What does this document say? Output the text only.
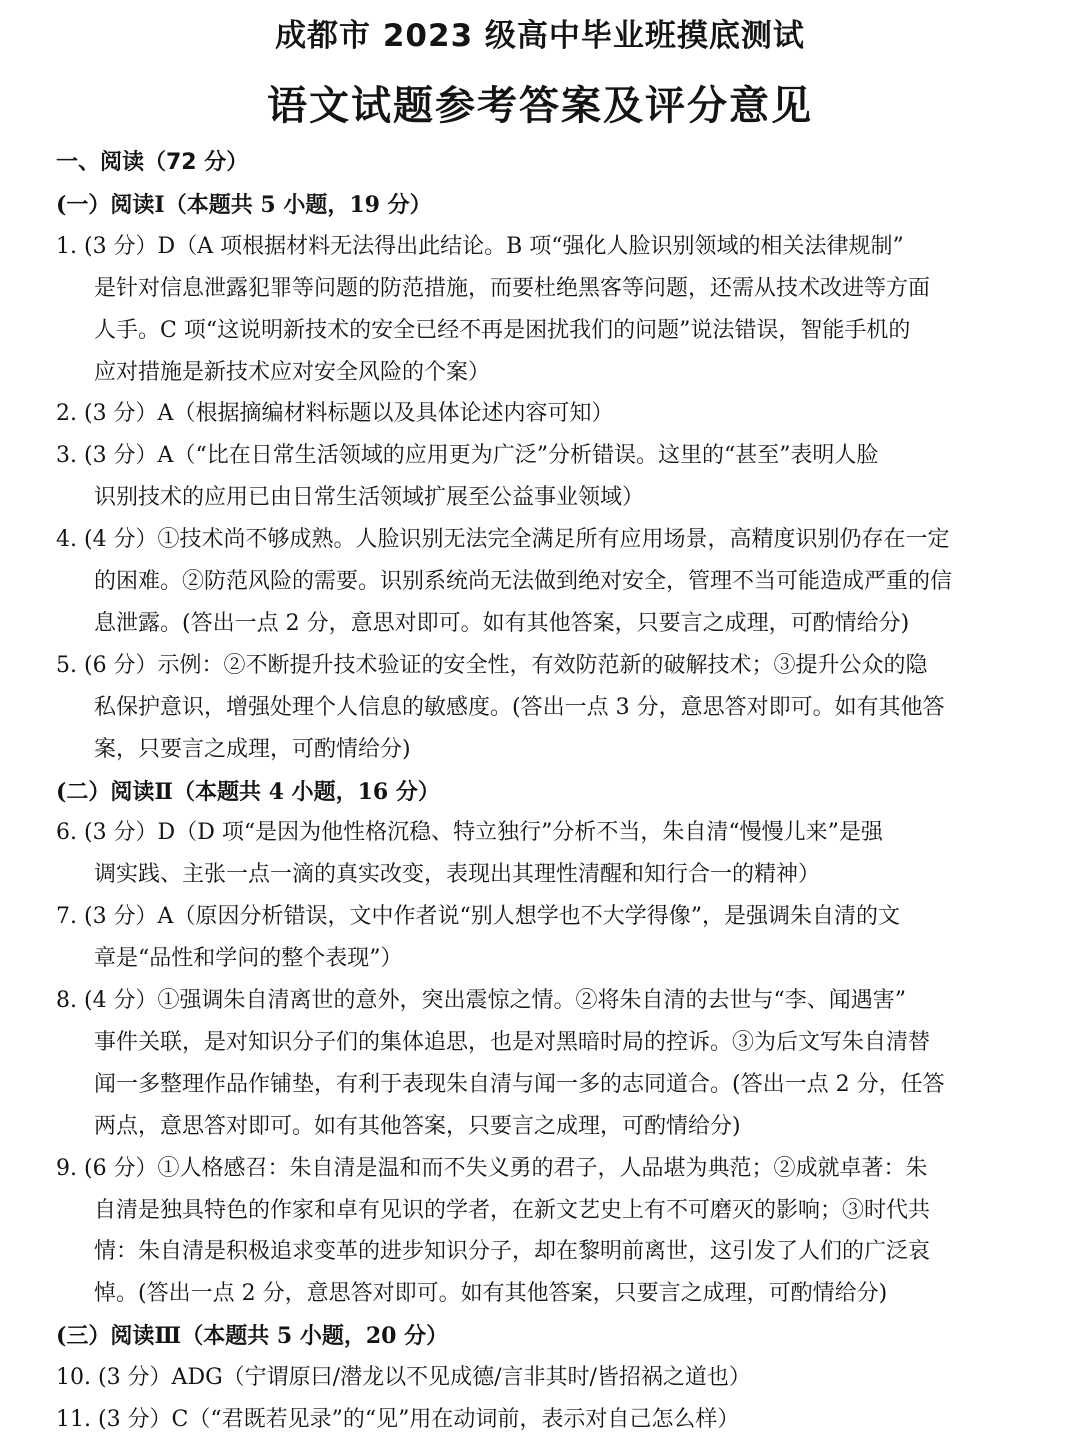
成都市 2023 级高中毕业班摸底测试
语文试题参考答案及评分意见
一、阅读（72 分）
(一）阅读Ⅰ（本题共 5 小题，19 分）
1. (3 分）D（A 项根据材料无法得出此结论。B 项“强化人脸识别领域的相关法律规制”
是针对信息泄露犯罪等问题的防范措施，而要杜绝黑客等问题，还需从技术改进等方面
人手。C 项“这说明新技术的安全已经不再是困扰我们的问题”说法错误，智能手机的
应对措施是新技术应对安全风险的个案）
2. (3 分）A（根据摘编材料标题以及具体论述内容可知）
3. (3 分）A（“比在日常生活领域的应用更为广泛”分析错误。这里的“甚至”表明人脸
识别技术的应用已由日常生活领域扩展至公益事业领域）
4. (4 分）①技术尚不够成熟。人脸识别无法完全满足所有应用场景，高精度识别仍存在一定
的困难。②防范风险的需要。识别系统尚无法做到绝对安全，管理不当可能造成严重的信
息泄露。(答出一点 2 分，意思对即可。如有其他答案，只要言之成理，可酌情给分)
5. (6 分）示例：②不断提升技术验证的安全性，有效防范新的破解技术；③提升公众的隐
私保护意识，增强处理个人信息的敏感度。(答出一点 3 分，意思答对即可。如有其他答
案，只要言之成理，可酌情给分)
(二）阅读Ⅱ（本题共 4 小题，16 分）
6. (3 分）D（D 项“是因为他性格沉稳、特立独行”分析不当，朱自清“慢慢儿来”是强
调实践、主张一点一滴的真实改变，表现出其理性清醒和知行合一的精神）
7. (3 分）A（原因分析错误，文中作者说“别人想学也不大学得像”，是强调朱自清的文
章是“品性和学问的整个表现”）
8. (4 分）①强调朱自清离世的意外，突出震惊之情。②将朱自清的去世与“李、闻遇害”
事件关联，是对知识分子们的集体追思，也是对黑暗时局的控诉。③为后文写朱自清替
闻一多整理作品作铺垫，有利于表现朱自清与闻一多的志同道合。(答出一点 2 分，任答
两点，意思答对即可。如有其他答案，只要言之成理，可酌情给分)
9. (6 分）①人格感召：朱自清是温和而不失义勇的君子，人品堪为典范；②成就卓著：朱
自清是独具特色的作家和卓有见识的学者，在新文艺史上有不可磨灭的影响；③时代共
情：朱自清是积极追求变革的进步知识分子，却在黎明前离世，这引发了人们的广泛哀
悼。(答出一点 2 分，意思答对即可。如有其他答案，只要言之成理，可酌情给分)
(三）阅读Ⅲ（本题共 5 小题，20 分）
10. (3 分）ADG（宁谓原曰/潜龙以不见成德/言非其时/皆招祸之道也）
11. (3 分）C（“君既若见录”的“见”用在动词前，表示对自己怎么样）
